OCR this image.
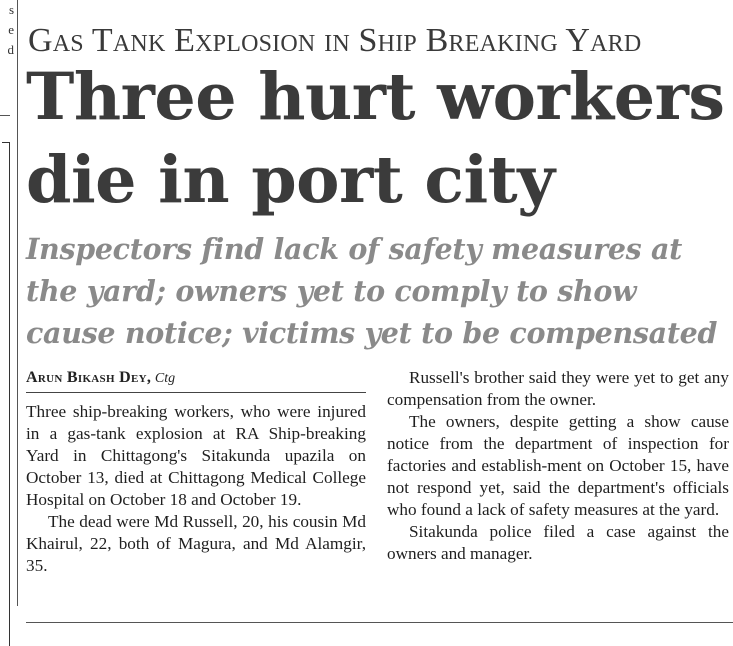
s
e
d Gas Tank Explosion in Ship Breaking Yard
Three hurt workers die in port city
Inspectors find lack of safety measures at the yard; owners yet to comply to show cause notice; victims yet to be compensated
Arun Bikash Dey, Ctg

Three ship-breaking workers, who were injured in a gas-tank explosion at RA Ship-breaking Yard in Chittagong's Sitakunda upazila on October 13, died at Chittagong Medical College Hospital on October 18 and October 19.

The dead were Md Russell, 20, his cousin Md Khairul, 22, both of Magura, and Md Alamgir, 35.

Russell's brother said they were yet to get any compensation from the owner.

The owners, despite getting a show cause notice from the department of inspection for factories and establish-ment on October 15, have not respond yet, said the department's officials who found a lack of safety measures at the yard.

Sitakunda police filed a case against the owners and manager.
